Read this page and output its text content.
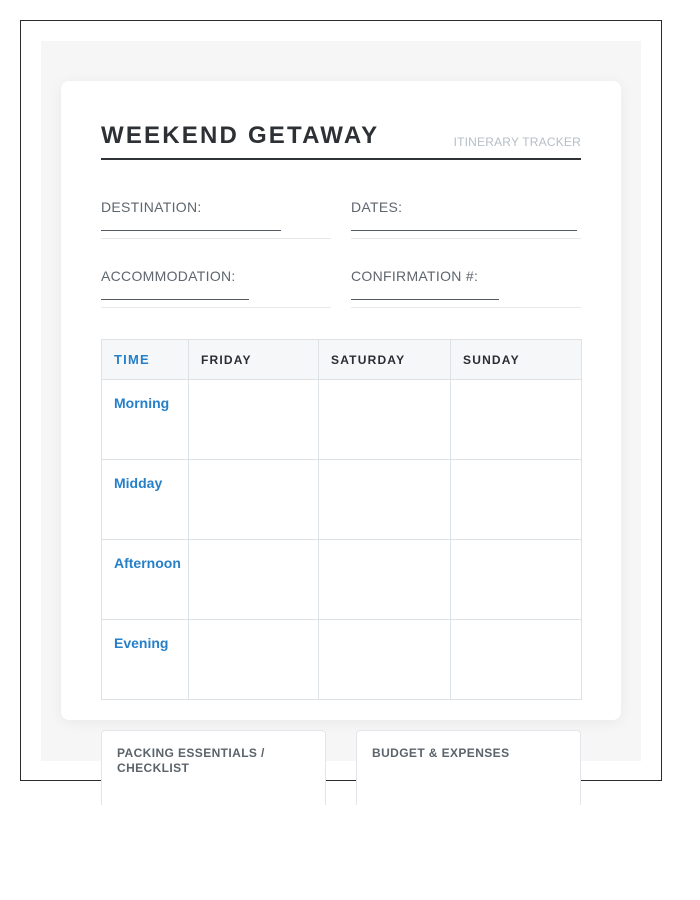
WEEKEND GETAWAY	ITINERARY TRACKER
DESTINATION:	DATES:
ACCOMMODATION:	CONFIRMATION #:
TIME	FRIDAY	SATURDAY	SUNDAY
Morning			
Midday			
Afternoon			
Evening			
PACKING ESSENTIALS / CHECKLIST
BUDGET & EXPENSES
